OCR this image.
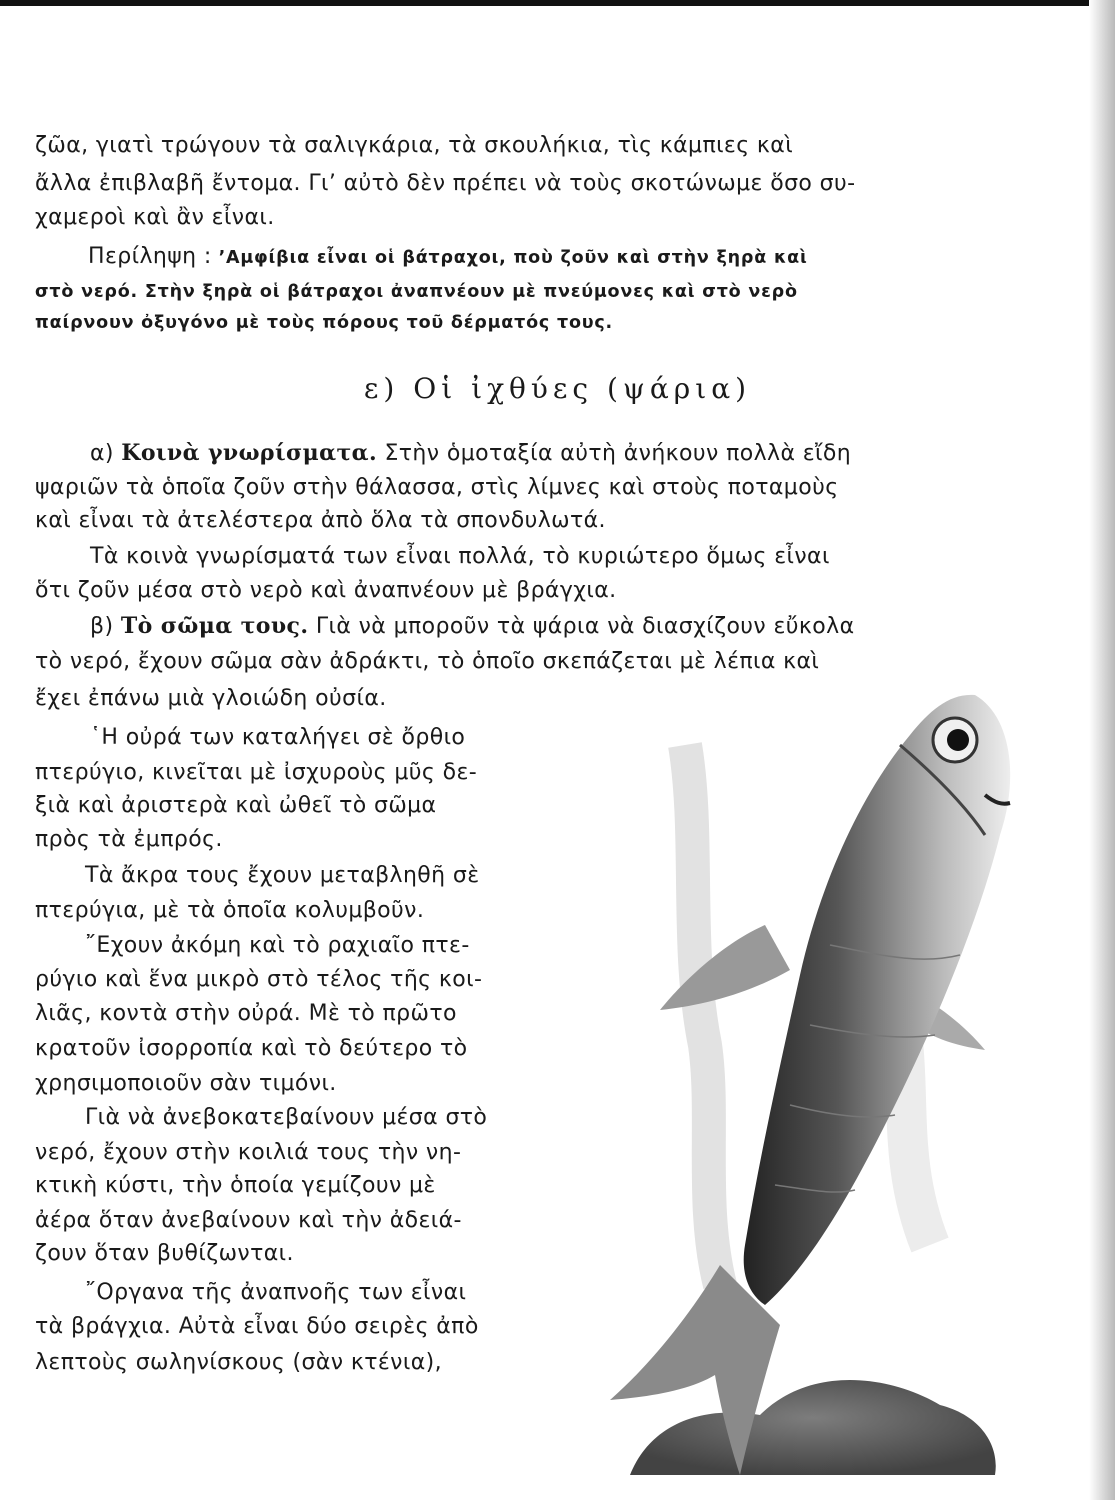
ζῶα, γιατὶ τρώγουν τὰ σαλιγκάρια, τὰ σκουλήκια, τὶς κάμπιες καὶ
ἄλλα ἐπιβλαβῆ ἔντομα. Γι’ αὐτὸ δὲν πρέπει νὰ τοὺς σκοτώνωμε ὅσο συ-
χαμεροὶ καὶ ἂν εἶναι.
Περίληψη : ’Αμφίβια εἶναι οἱ βάτραχοι, ποὺ ζοῦν καὶ στὴν ξηρὰ καὶ
στὸ νερό. Στὴν ξηρὰ οἱ βάτραχοι ἀναπνέουν μὲ πνεύμονες καὶ στὸ νερὸ
παίρνουν ὀξυγόνο μὲ τοὺς πόρους τοῦ δέρματός τους.
ε) Οἱ ἰχθύες (ψάρια)
α) Κοινὰ γνωρίσματα. Στὴν ὁμοταξία αὐτὴ ἀνήκουν πολλὰ εἴδη
ψαριῶν τὰ ὁποῖα ζοῦν στὴν θάλασσα, στὶς λίμνες καὶ στοὺς ποταμοὺς
καὶ εἶναι τὰ ἀτελέστερα ἀπὸ ὅλα τὰ σπονδυλωτά.
Τὰ κοινὰ γνωρίσματά των εἶναι πολλά, τὸ κυριώτερο ὅμως εἶναι
ὅτι ζοῦν μέσα στὸ νερὸ καὶ ἀναπνέουν μὲ βράγχια.
β) Τὸ σῶμα τους. Γιὰ νὰ μποροῦν τὰ ψάρια νὰ διασχίζουν εὔκολα
τὸ νερό, ἔχουν σῶμα σὰν ἀδράκτι, τὸ ὁποῖο σκεπάζεται μὲ λέπια καὶ
ἔχει ἐπάνω μιὰ γλοιώδη οὐσία.
῾Η οὐρά των καταλήγει σὲ ὄρθιο
πτερύγιο, κινεῖται μὲ ἰσχυροὺς μῦς δε-
ξιὰ καὶ ἀριστερὰ καὶ ὠθεῖ τὸ σῶμα
πρὸς τὰ ἐμπρός.
Τὰ ἄκρα τους ἔχουν μεταβληθῆ σὲ
πτερύγια, μὲ τὰ ὁποῖα κολυμβοῦν.
῎Εχουν ἀκόμη καὶ τὸ ραχιαῖο πτε-
ρύγιο καὶ ἕνα μικρὸ στὸ τέλος τῆς κοι-
λιᾶς, κοντὰ στὴν οὐρά. Μὲ τὸ πρῶτο
κρατοῦν ἰσορροπία καὶ τὸ δεύτερο τὸ
χρησιμοποιοῦν σὰν τιμόνι.
Γιὰ νὰ ἀνεβοκατεβαίνουν μέσα στὸ
νερό, ἔχουν στὴν κοιλιά τους τὴν νη-
κτικὴ κύστι, τὴν ὁποία γεμίζουν μὲ
ἀέρα ὅταν ἀνεβαίνουν καὶ τὴν ἀδειά-
ζουν ὅταν βυθίζωνται.
῎Οργανα τῆς ἀναπνοῆς των εἶναι
τὰ βράγχια. Αὐτὰ εἶναι δύο σειρὲς ἀπὸ
λεπτοὺς σωληνίσκους (σὰν κτένια),
